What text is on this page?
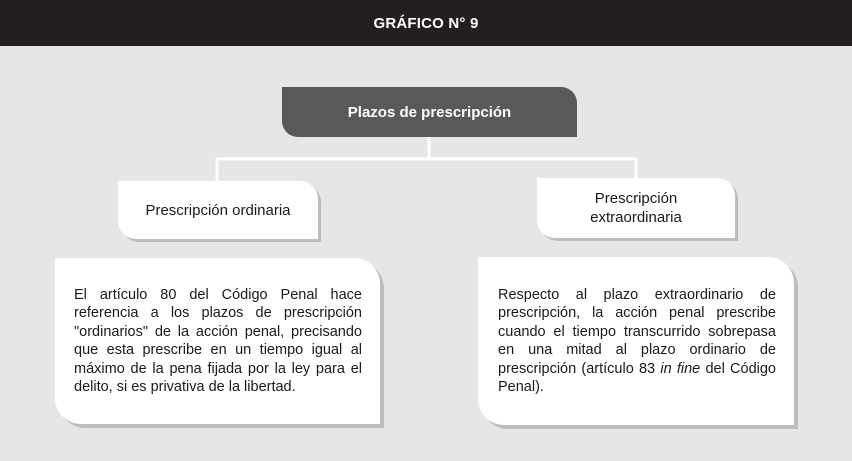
GRÁFICO N° 9
Plazos de prescripción
Prescripción ordinaria
Prescripción extraordinaria

El artículo 80 del Código Penal hace referencia a los plazos de prescripción "ordinarios" de la acción penal, precisando que esta prescribe en un tiempo igual al máximo de la pena fijada por la ley para el delito, si es privativa de la libertad.

Respecto al plazo extraordinario de prescripción, la acción penal prescribe cuando el tiempo transcurrido sobrepasa en una mitad al plazo ordinario de prescripción (artículo 83 in fine del Código Penal).
